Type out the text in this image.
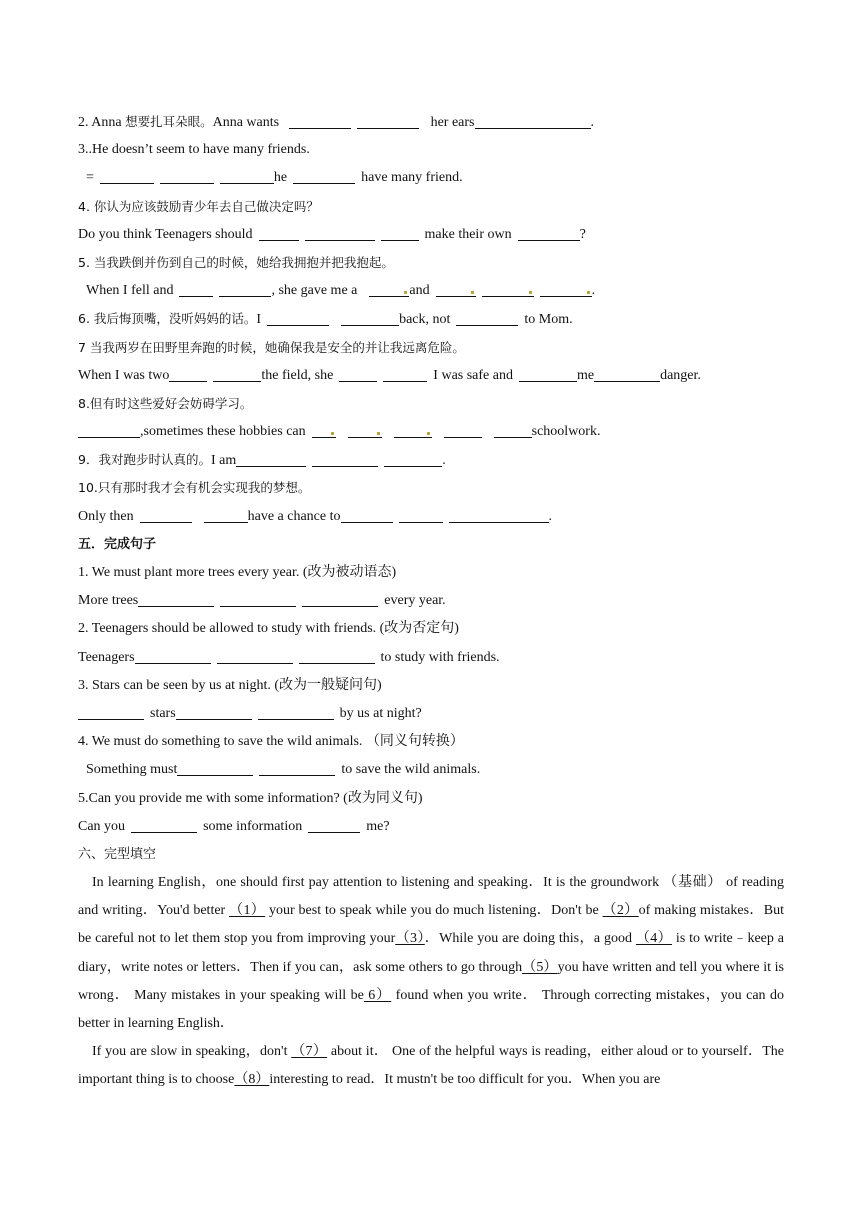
2. Anna 想要扎耳朵眼。Anna wants	her ears	.
3..He doesn’t seem to have many friends.
=	he	have many friend.
4. 你认为应该鼓励青少年去自己做决定吗？
Do you think Teenagers should	make their own	?
5. 当我跌倒并伤到自己的时候，她给我拥抱并把我抱起。
When I fell and	, she gave me a	and	.
6. 我后悔顶嘴，没听妈妈的话。I	back, not	to Mom.
7 当我两岁在田野里奔跑的时候，她确保我是安全的并让我远离危险。
When I was two	the field, she	I was safe and	me	danger.
8.但有时这些爱好会妨碍学习。
,sometimes these hobbies can	schoolwork.
9．我对跑步时认真的。I am	.
10.只有那时我才会有机会实现我的梦想。
Only then	have a chance to	.
五．完成句子
1. We must plant more trees every year. (改为被动语态)
More trees	every year.
2. Teenagers should be allowed to study with friends. (改为否定句)
Teenagers	to study with friends.
3. Stars can be seen by us at night. (改为一般疑问句)
stars	by us at night?
4. We must do something to save the wild animals. （同义句转换）
Something must	to save the wild animals.
5.Can you provide me with some information? (改为同义句)
Can you	some information	me?
六、完型填空
In learning English，one should first pay attention to listening and speaking．It is the groundwork （基础） of reading and writing．You'd better （1） your best to speak while you do much listening．Don't be （2）of making mistakes．But be careful not to let them stop you from improving your（3）．While you are doing this，a good （4） is to write﹣keep a diary，write notes or letters．Then if you can，ask some others to go through（5）you have written and tell you where it is wrong． Many mistakes in your speaking will be 6） found when you write． Through correcting mistakes，you can do better in learning English．
If you are slow in speaking，don't （7） about it． One of the helpful ways is reading，either aloud or to yourself．The important thing is to choose（8）interesting to read．It mustn't be too difficult for you．When you are
